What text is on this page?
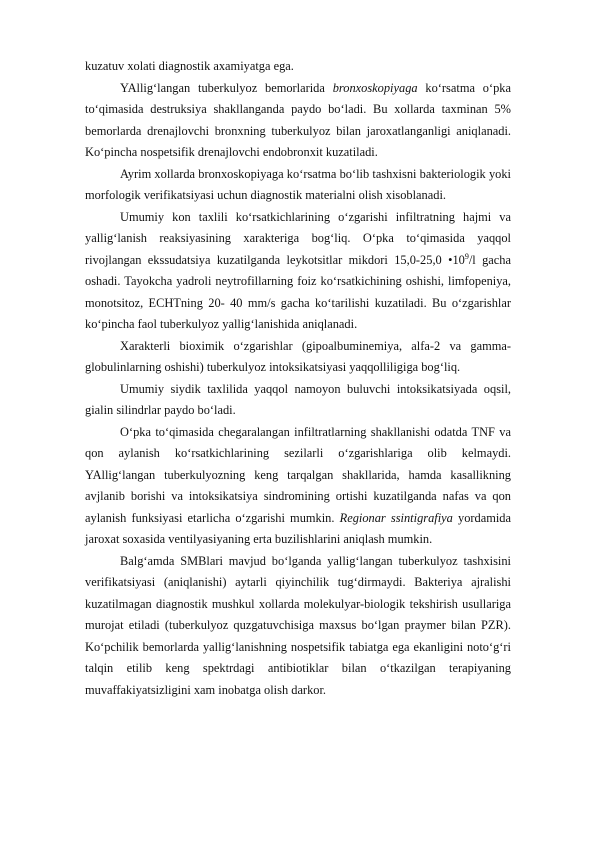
kuzatuv xolati diagnostik axamiyatga ega.

YAllig‘langan tuberkulyoz bemorlarida bronxoskopiyaga ko‘rsatma o‘pka to‘qimasida destruksiya shakllanganda paydo bo‘ladi. Bu xollarda taxminan 5% bemorlarda drenajlovchi bronxning tuberkulyoz bilan jaroxatlanganligi aniqlanadi. Ko‘pincha nospetsifik drenajlovchi endobronxit kuzatiladi.

Ayrim xollarda bronxoskopiyaga ko‘rsatma bo‘lib tashxisni bakteriologik yoki morfologik verifikatsiyasi uchun diagnostik materialni olish xisoblanadi.

Umumiy kon taxlili ko‘rsatkichlarining o‘zgarishi infiltratning hajmi va yallig‘lanish reaksiyasining xarakteriga bog‘liq. O‘pka to‘qimasida yaqqol rivojlangan ekssudatsiya kuzatilganda leykotsitlar mikdori 15,0-25,0 $•10^9/l$ gacha oshadi. Tayokcha yadroli neytrofillarning foiz ko‘rsatkichining oshishi, limfopeniya, monotsitoz, ECHTning 20- 40 mm/s gacha ko‘tarilishi kuzatiladi. Bu o‘zgarishlar ko‘pincha faol tuberkulyoz yallig‘lanishida aniqlanadi.

Xarakterli bioximik o‘zgarishlar (gipoalbuminemiya, alfa-2 va gamma-globulinlarning oshishi) tuberkulyoz intoksikatsiyasi yaqqolliligiga bog‘liq.

Umumiy siydik taxlilida yaqqol namoyon buluvchi intoksikatsiyada oqsil, gialin silindrlar paydo bo‘ladi.

O‘pka to‘qimasida chegaralangan infiltratlarning shakllanishi odatda TNF va qon aylanish ko‘rsatkichlarining sezilarli o‘zgarishlariga olib kelmaydi. YAllig‘langan tuberkulyozning keng tarqalgan shakllarida, hamda kasallikning avjlanib borishi va intoksikatsiya sindromining ortishi kuzatilganda nafas va qon aylanish funksiyasi etarlicha o‘zgarishi mumkin. Regionar ssintigrafiya yordamida jaroxat soxasida ventilyasiyaning erta buzilishlarini aniqlash mumkin.

Balg‘amda SMBlari mavjud bo‘lganda yallig‘langan tuberkulyoz tashxisini verifikatsiyasi (aniqlanishi) aytarli qiyinchilik tug‘dirmaydi. Bakteriya ajralishi kuzatilmagan diagnostik mushkul xollarda molekulyar-biologik tekshirish usullariga murojat etiladi (tuberkulyoz quzgatuvchisiga maxsus bo‘lgan praymer bilan PZR). Ko‘pchilik bemorlarda yallig‘lanishning nospetsifik tabiatga ega ekanligini noto‘g‘ri talqin etilib keng spektrdagi antibiotiklar bilan o‘tkazilgan terapiyaning muvaffakiyatsizligini xam inobatga olish darkor.
